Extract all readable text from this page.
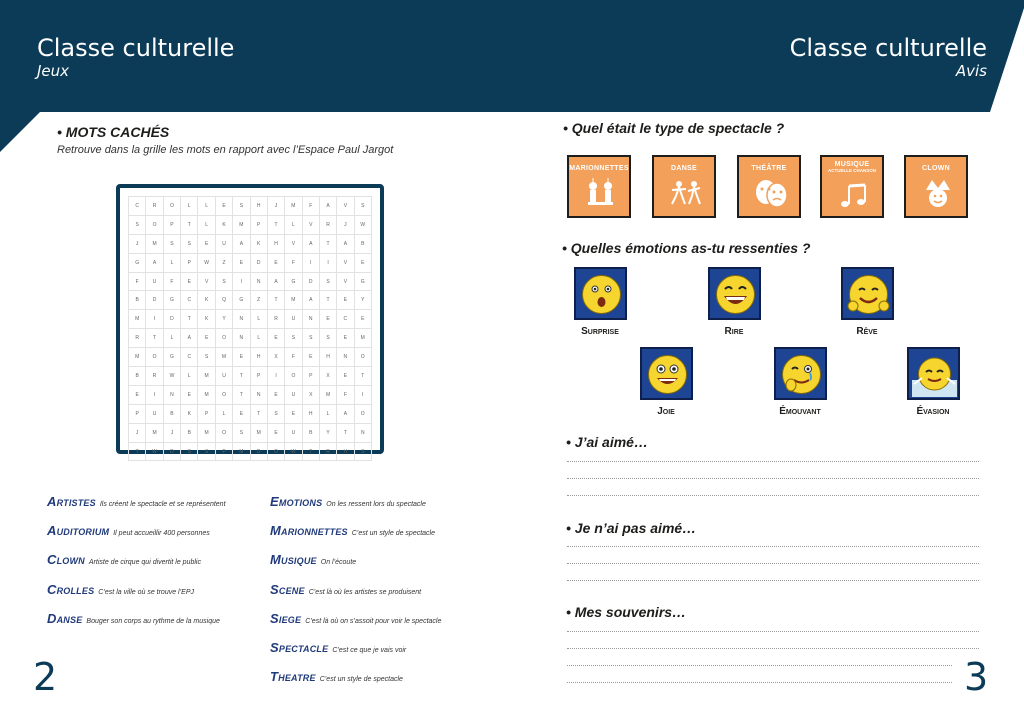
Classe culturelle
Jeux
Classe culturelle
Avis
• MOTS CACHÉS
Retrouve dans la grille les mots en rapport avec l’Espace Paul Jargot
C	R	O	L	L	E	S	H	J	M	F	A	V	S
S	O	P	T	L	K	M	P	T	L	V	R	J	W
J	M	S	S	E	U	A	K	H	V	A	T	A	B
G	A	L	P	W	Z	E	D	E	F	I	I	V	E
F	U	F	E	V	S	I	N	A	G	D	S	V	G
B	D	G	C	K	Q	G	Z	T	M	A	T	E	Y
M	I	D	T	K	Y	N	L	R	U	N	E	C	E
R	T	L	A	E	O	N	L	E	S	S	S	E	M
M	O	G	C	S	M	E	H	X	F	E	H	N	O
B	R	W	L	M	U	T	P	I	O	P	X	E	T
E	I	N	E	M	O	T	N	E	U	X	M	F	I
P	U	B	K	P	L	E	T	S	E	H	L	A	O
J	M	J	B	M	O	S	M	E	U	B	Y	T	N
T	W	D	S	S	P	M	D	O	W	T	R	H	S
Artistes Ils créent le spectacle et se représentent
Auditorium Il peut accueillir 400 personnes
Clown Artiste de cirque qui divertit le public
Crolles C’est la ville où se trouve l’EPJ
Danse Bouger son corps au rythme de la musique
Emotions On les ressent lors du spectacle
Marionnettes C’est un style de spectacle
Musique On l’écoute
Scene C’est là où les artistes se produisent
Siege C’est là où on s’assoit pour voir le spectacle
Spectacle C’est ce que je vais voir
Theatre C’est un style de spectacle
2
• Quel était le type de spectacle ?
MARIONNETTES	DANSE	THÉÂTRE
MUSIQUE
ACTUELLE CHANSON	CLOWN
• Quelles émotions as-tu ressenties ?
Surprise	Rire	Rêve
Joie	Émouvant	Évasion
• J’ai aimé…
• Je n’ai pas aimé…
• Mes souvenirs…
3
